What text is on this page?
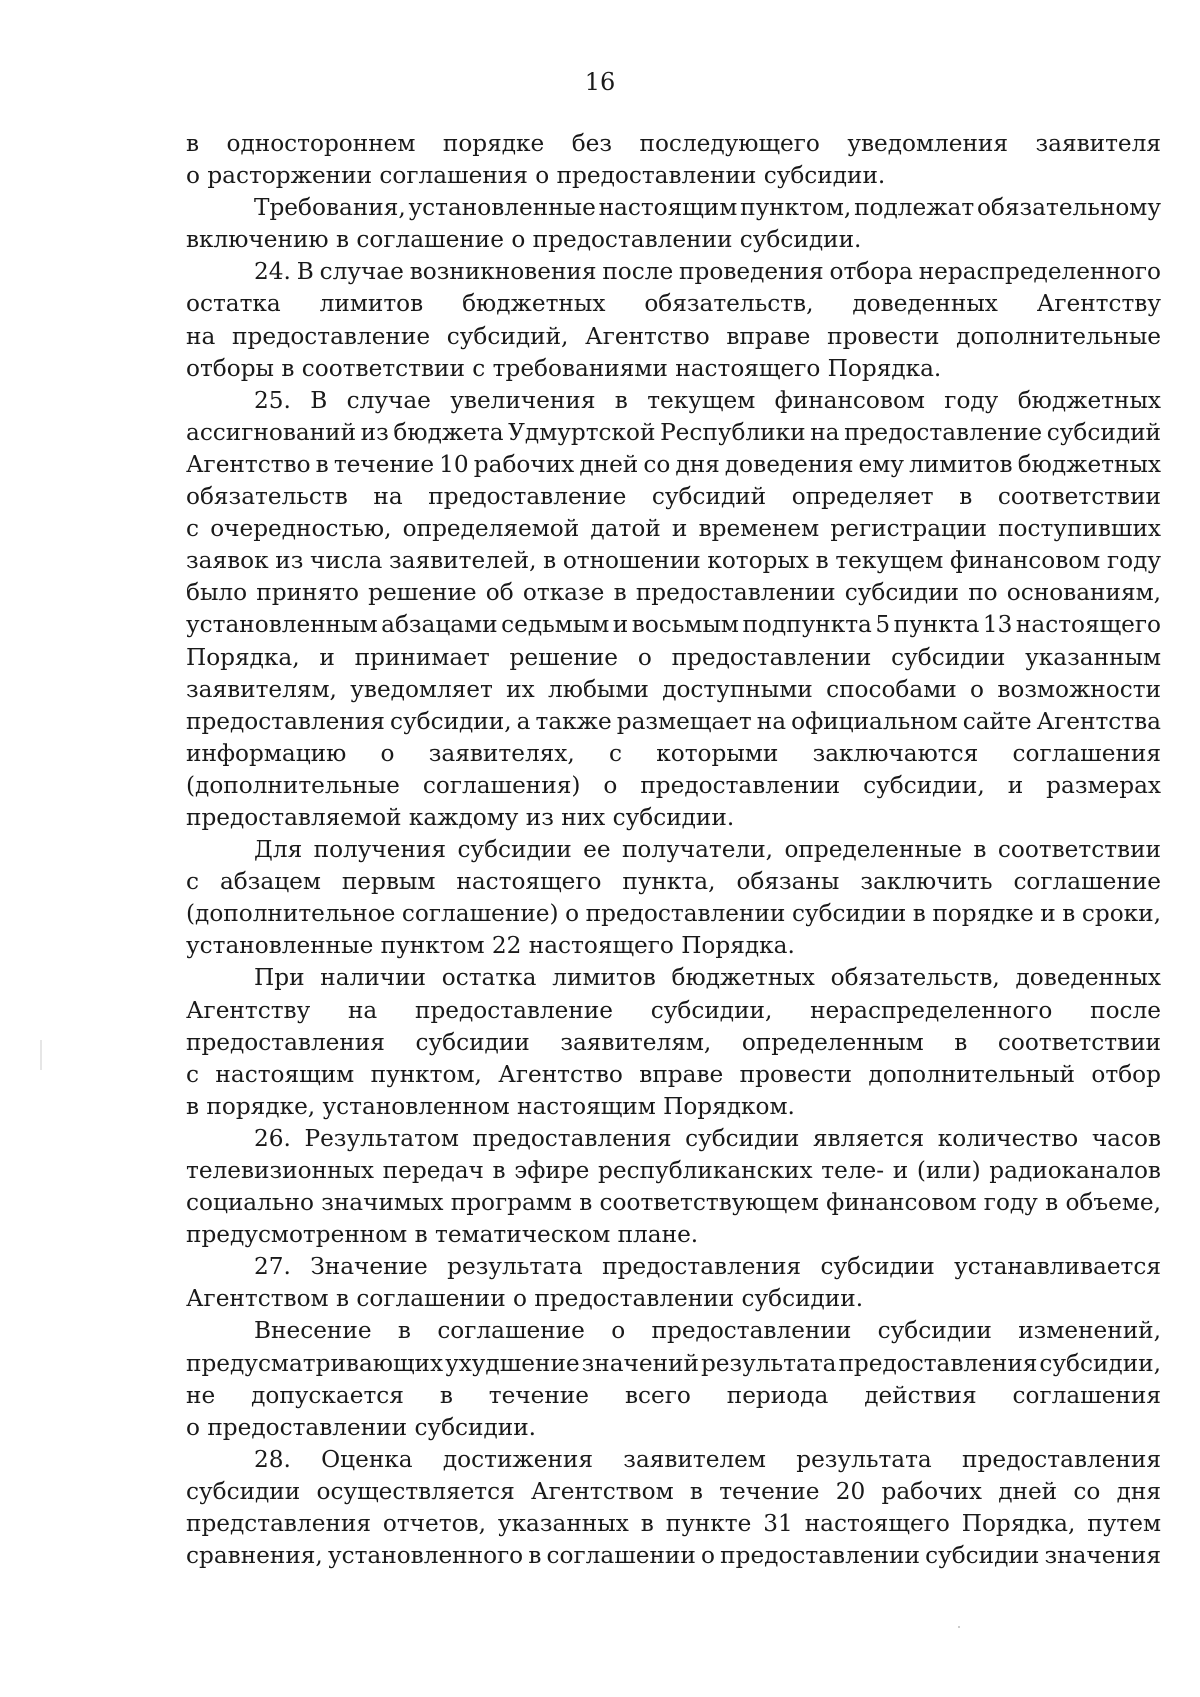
16
в одностороннем порядке без последующего уведомления заявителя
о расторжении соглашения о предоставлении субсидии.
Требования, установленные настоящим пунктом, подлежат обязательному
включению в соглашение о предоставлении субсидии.
24. В случае возникновения после проведения отбора нераспределенного
остатка лимитов бюджетных обязательств, доведенных Агентству
на предоставление субсидий, Агентство вправе провести дополнительные
отборы в соответствии с требованиями настоящего Порядка.
25. В случае увеличения в текущем финансовом году бюджетных
ассигнований из бюджета Удмуртской Республики на предоставление субсидий
Агентство в течение 10 рабочих дней со дня доведения ему лимитов бюджетных
обязательств на предоставление субсидий определяет в соответствии
с очередностью, определяемой датой и временем регистрации поступивших
заявок из числа заявителей, в отношении которых в текущем финансовом году
было принято решение об отказе в предоставлении субсидии по основаниям,
установленным абзацами седьмым и восьмым подпункта 5 пункта 13 настоящего
Порядка, и принимает решение о предоставлении субсидии указанным
заявителям, уведомляет их любыми доступными способами о возможности
предоставления субсидии, а также размещает на официальном сайте Агентства
информацию о заявителях, с которыми заключаются соглашения
(дополнительные соглашения) о предоставлении субсидии, и размерах
предоставляемой каждому из них субсидии.
Для получения субсидии ее получатели, определенные в соответствии
с абзацем первым настоящего пункта, обязаны заключить соглашение
(дополнительное соглашение) о предоставлении субсидии в порядке и в сроки,
установленные пунктом 22 настоящего Порядка.
При наличии остатка лимитов бюджетных обязательств, доведенных
Агентству на предоставление субсидии, нераспределенного после
предоставления субсидии заявителям, определенным в соответствии
с настоящим пунктом, Агентство вправе провести дополнительный отбор
в порядке, установленном настоящим Порядком.
26. Результатом предоставления субсидии является количество часов
телевизионных передач в эфире республиканских теле- и (или) радиоканалов
социально значимых программ в соответствующем финансовом году в объеме,
предусмотренном в тематическом плане.
27. Значение результата предоставления субсидии устанавливается
Агентством в соглашении о предоставлении субсидии.
Внесение в соглашение о предоставлении субсидии изменений,
предусматривающих ухудшение значений результата предоставления субсидии,
не допускается в течение всего периода действия соглашения
о предоставлении субсидии.
28. Оценка достижения заявителем результата предоставления
субсидии осуществляется Агентством в течение 20 рабочих дней со дня
представления отчетов, указанных в пункте 31 настоящего Порядка, путем
сравнения, установленного в соглашении о предоставлении субсидии значения
